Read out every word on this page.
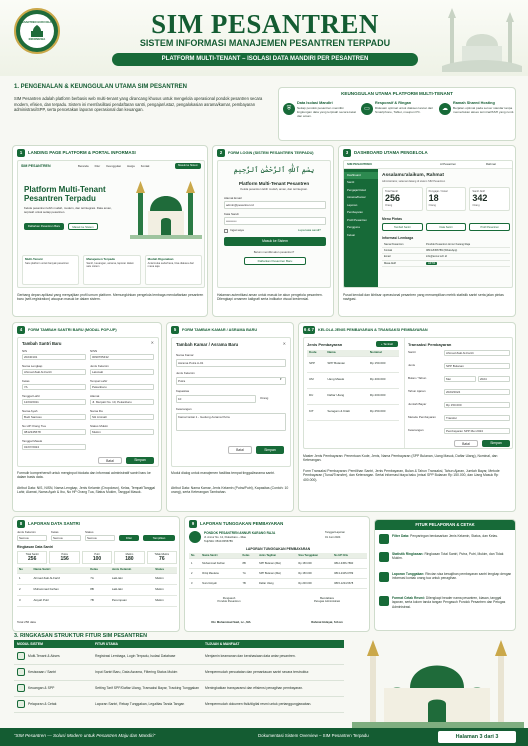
PESANTREN GURU NGAJI
INDONESIA	SIM PESANTREN
SISTEM INFORMASI MANAJEMEN PESANTREN TERPADU
PLATFORM MULTI-TENANT – ISOLASI DATA MANDIRI PER PESANTREN
1. PENGENALAN & KEUNGGULAN UTAMA SIM PESANTREN
SIM Pesantren adalah platform berbasis web multi-tenant yang dirancang khusus untuk mengelola operasional pondok pesantren secara modern, efisien, dan terpadu. Sistem ini memfasilitasi pendaftaran santri, pengajar/ustaz, pengalokasian asrama/kamar, pembayaran administrasi/SPP, serta pencetakan laporan operasional dan keuangan.
KEUNGGULAN UTAMA PLATFORM MULTI-TENANT
⛨
Data Isolasi Mandiri
Setiap pondok pesantren memiliki lingkungan data yang terpisah secara ketat dan aman.
▭
Responsif & Ringan
Didesain optimal untuk diakses lancar dari Smartphone, Tablet, maupun PC.	☁
Ramah Shared Hosting
Berjalan optimal pada server standar tanpa memerlukan akses terminal/SSH yang rumit.
1	LANDING PAGE PLATFORM & PORTAL INFORMASI
SIM PESANTREN	Beranda Fitur Keunggulan Harga Kontak	Masuk ke Sistem
Platform Multi-Tenant Pesantren Terpadu
Kelola pesantren lebih mudah, modern, dan terintegrasi. Data aman, terpisah untuk setiap pesantren.
Daftarkan Pesantren Baru	Masuk ke Sistem
Multi-Tenant
Satu platform untuk banyak pesantren
Manajemen Terpadu
Santri, keuangan, asrama, laporan dalam satu sistem
Mudah Digunakan
Antarmuka sederhana, bisa diakses dari mana saja
Gerbang depan aplikasi yang menyajikan profil umum platform. Memungkinkan pengelola lembaga mendaftarkan pesantren baru (self-registration) ataupun masuk ke dalam sistem.
2	FORM LOGIN (SISTEM PESANTREN TERPADU)
بِسْمِ ٱللَّٰهِ ٱلرَّحْمَٰنِ ٱلرَّحِيمِ
Platform Multi-Tenant Pesantren
Kelola pesantren lebih mudah, aman, dan terintegrasi.
Alamat Email
admin@pesantren.id
Kata Sandi
••••••••••
Ingat saya	Lupa kata sandi?
Masuk ke Sistem
Belum memiliki akun pesantren?
Daftarkan Pesantren Baru
Halaman autentikasi aman untuk masuk ke akun pengelola pesantren. Dilengkapi ornamen kaligrafi serta indikator visual kredensial.
3	DASHBOARD UTAMA PENGELOLA
SIM PESANTREN	Al Pesantren	Rahmat
Dashboard
Santri
Pengajar/Ustaz
Asrama/Kamar
Laporan
Pembayaran
Profil Pesantren
Pengguna
Keluar
Assalamu'alaikum, Rahmat
Administrator, selamat datang di sistem SIM Pesantren
Total Santri
256
Orang
Pengajar / Ustaz
18
Orang
Santri Aktif
342
Orang
Menu Pintas
Tambah Santri	Data Santri	Profil Pesantren
Informasi Lembaga
Nama Pesantren	Pondok Pesantren Annur Karang Raja
Kontak	0813-8456789 (WhatsApp)
Email	info@annur.sch.id
Masa Aktif	AKTIF
Pusat kendali dan ikhtisar operasional pesantren yang menampilkan metrik statistik santri serta jalan pintas navigasi.
4	FORM TAMBAH SANTRI BARU (MODAL POP-UP)
Tambah Santri Baru	✕
NIS
20240101
NISN
0090765432
Nama Lengkap
Ahmad Zaki Al-Farizi
Jenis Kelamin
Laki-laki
Kelas
7A
Tempat Lahir
Pekanbaru
Tanggal Lahir
12/03/2011
Alamat
Jl. Merpati No. 10, Pekanbaru
Nama Ayah
Budi Santoso
Nama Ibu
Siti Aminah
No HP Orang Tua
0812345678
Status Mukim
Mukim
Tanggal Masuk
01/07/2024
Batal	Simpan
Formulir komprehensif untuk menginput biodata dan informasi administratif santri baru ke dalam basis data.
Atribut Data: NIS, NISN, Nama Lengkap, Jenis Kelamin (Dropdown), Kelas, Tempat/Tanggal Lahir, Alamat, Nama Ayah & Ibu, No HP Orang Tua, Status Mukim, Tanggal Masuk.
5	FORM TAMBAH KAMAR / ASRAMA BARU
Tambah Kamar / Asrama Baru	✕
Nama Kamar
Asrama Putra A-01
Jenis Kelamin
Putra	▾
Kapasitas
10	Orang
Keterangan
Kamar lantai 1 - Gedung Asrama Putra
Batal	Simpan
Modul dialog untuk manajemen fasilitas tempat tinggal/asrama santri.
Atribut Data: Nama Kamar, Jenis Kelamin (Putra/Putri), Kapasitas (Contoh: 10 orang), serta Keterangan Tambahan.
6 & 7 KELOLA JENIS PEMBAYARAN & TRANSAKSI PEMBAYARAN
Jenis Pembayaran	+ Tambah
Kode	Nama	Nominal
SPP	SPP Bulanan	Rp 150.000
UM	Uang Masuk	Rp 400.000
DU	Daftar Ulang	Rp 200.000
KIT	Seragam & Kitab	Rp 250.000
Transaksi Pembayaran
Santri	Ahmad Zaki Al-Farizi
Jenis	SPP Bulanan
Bulan / Tahun	Mei	2024
Tahun Ajaran	2023/2024
Jumlah Bayar	Rp 150.000
Metode Pembayaran	Transfer
Keterangan	Pembayaran SPP Mei 2024
Batal	Simpan
Master Jenis Pembayaran: Penentuan Kode, Jenis, Nama Pembayaran (SPP Bulanan, Uang Masuk, Daftar Ulang), Nominal, dan Keterangan.
Form Transaksi Pembayaran: Pemilihan Santri, Jenis Pembayaran, Bulan & Tahun Transaksi, Tahun Ajaran, Jumlah Bayar, Metode Pembayaran (Tunai/Transfer), dan Keterangan. Sertai informasi biaya baku (misal SPP Bulanan Rp 150.000, dan Uang Masuk Rp 400.000).
8	LAPORAN DATA SANTRI
Jenis Kelamin
Semua
Kelas
Semua
Status
Semua	Filter	Tampilkan
Ringkasan Data Santri
Total Santri
256
Putra
156
Putri
100
Mukim
180
Tidak Mukim
76
No	Nama Santri	Kelas	Jenis Kelamin	Status
1	Ahmad Zaki Al-Farizi	7A	Laki-laki	Mukim
2	Muhammad Farhan	8B	Laki-laki	Mukim
3	Aisyah Putri	7B	Perempuan	Mukim
Total 256 data
9	LAPORAN TUNGGAKAN PEMBAYARAN
PONDOK PESANTREN ANNUR KARANG RAJA
Jl. Annur No. 12, Pekanbaru – Riau
Telp/WA: 0813-8456789
Tanggal Laporan
01 Juni 2024
LAPORAN TUNGGAKAN PEMBAYARAN
No	Nama Santri	Kelas	Jenis Tagihan	Sisa Tunggakan	No HP Ortu
1	Muhammad Farhan	8B	SPP Bulanan (Mei)	Rp 150.000	0812-3456-7890
2	Rizqi Maulana	7A	SPP Bulanan (Mei)	Rp 150.000	0813-2345-6789
3	Nurul Aisyah	7B	Daftar Ulang	Rp 200.000	0815-1234-5678
Pengasuh
Pondok Pesantren
Bendahara
Petugas Administrasi
KH. Muhammad Said, Lc., MA	Rahmat Hidayat, S.Kom
FITUR PELAPORAN & CETAK
Filter Data: Penyaringan berdasarkan Jenis Kelamin, Status, dan Kelas.
Statistik Ringkasan: Ringkasan Total Santri, Putra, Putri, Mukim, dan Tidak Mukim.
Laporan Tunggakan: Rincian sisa kewajiban pembayaran santri lengkap dengan informasi kontak orang tua untuk penagihan.
Format Cetak Resmi: Dilengkapi header nama pesantren, kiasan, tanggal laporan, serta kolom tanda tangan Pengasuh Pondok Pesantren dan Petugas Administrasi.
3. RINGKASAN STRUKTUR FITUR SIM PESANTREN
MODUL SISTEM	FITUR UTAMA	TUJUAN & MANFAAT
Multi-Tenant & Akses	Registrasi Lembaga, Login Terpadu, Isolasi Database	Menjamin keamanan dan kerahasiaan data antar pesantren.
Kesiswaan / Santri	Input Santri Baru, Data Asrama, Filtering Status Mukim	Mempermudah pencatatan dan pemantauan santri secara terstruktur.
Keuangan & SPP	Setting Tarif SPP/Daftar Ulang, Transaksi Bayar, Tracking Tunggakan	Meningkatkan transparansi dan efisiensi penagihan pembayaran.
Pelaporan & Cetak	Laporan Santri, Rekap Tunggakan, Legalitas Tanda Tangan	Mempermudah dokumen fisik/digital resmi untuk pertanggungjawaban.
“SIM Pesantren — Solusi Modern untuk Pesantren Maju dan Mandiri”	Dokumentasi Sistem Overview – SIM Pesantren Terpadu	Halaman 3 dari 3
